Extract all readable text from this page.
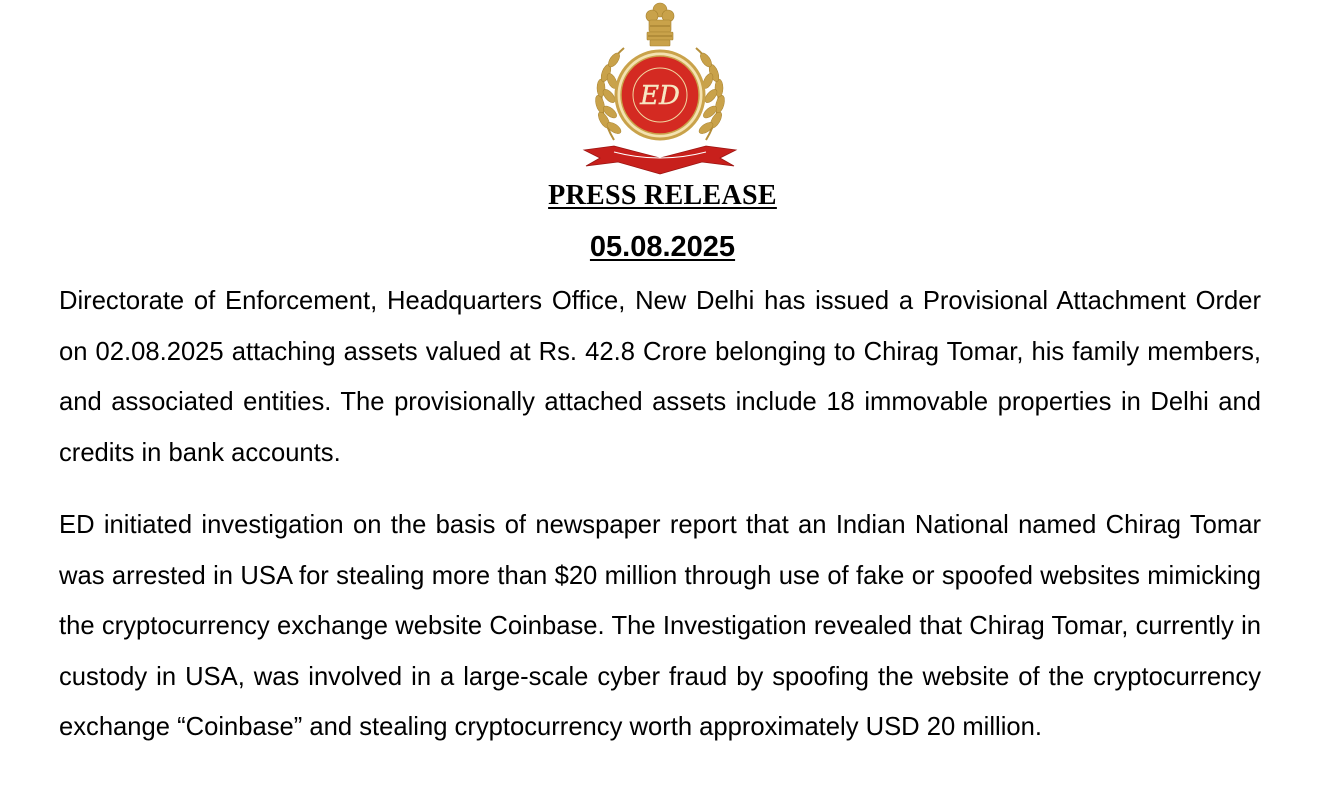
ED
PRESS RELEASE
05.08.2025

Directorate of Enforcement, Headquarters Office, New Delhi has issued a Provisional Attachment Order on 02.08.2025 attaching assets valued at Rs. 42.8 Crore belonging to Chirag Tomar, his family members, and associated entities. The provisionally attached assets include 18 immovable properties in Delhi and credits in bank accounts.

ED initiated investigation on the basis of newspaper report that an Indian National named Chirag Tomar was arrested in USA for stealing more than $20 million through use of fake or spoofed websites mimicking the cryptocurrency exchange website Coinbase. The Investigation revealed that Chirag Tomar, currently in custody in USA, was involved in a large-scale cyber fraud by spoofing the website of the cryptocurrency exchange “Coinbase” and stealing cryptocurrency worth approximately USD 20 million.
